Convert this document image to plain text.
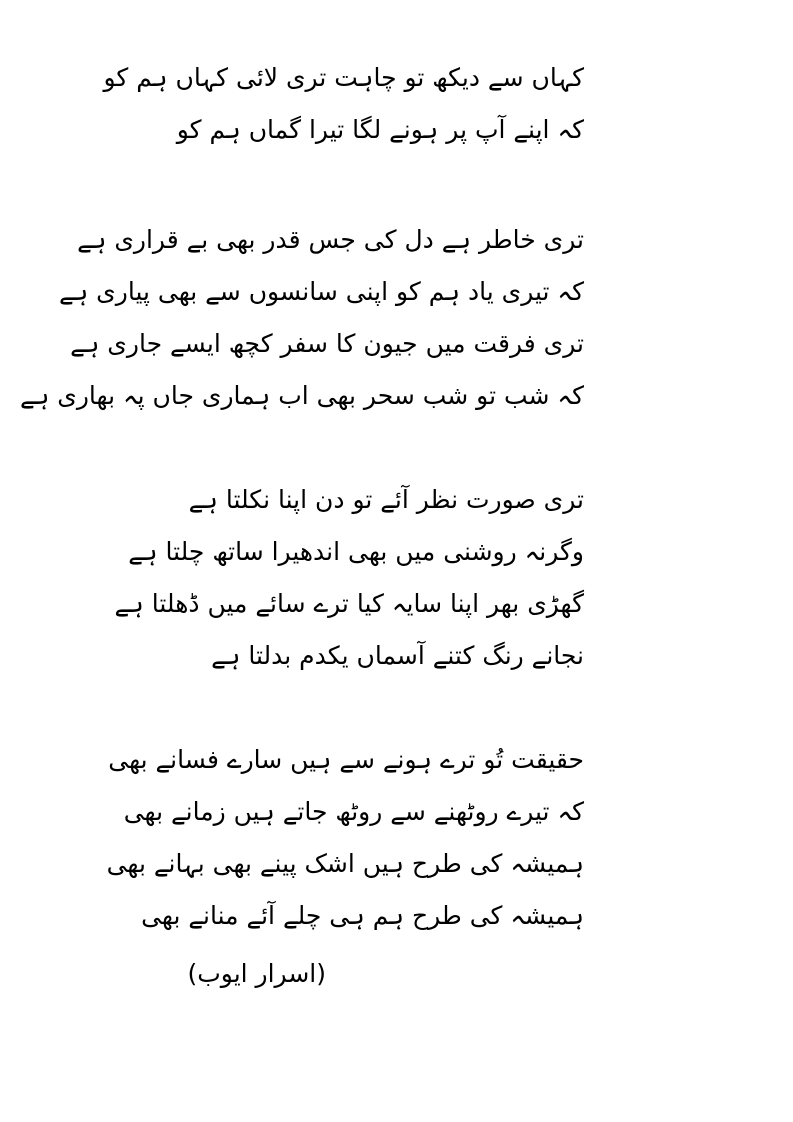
کہاں سے دیکھ تو چاہت تری لائی کہاں ہم کو
کہ اپنے آپ پر ہونے لگا تیرا گماں ہم کو
تری خاطر ہے دل کی جس قدر بھی بے قراری ہے
کہ تیری یاد ہم کو اپنی سانسوں سے بھی پیاری ہے
تری فرقت میں جیون کا سفر کچھ ایسے جاری ہے
کہ شب تو شب سحر بھی اب ہماری جاں پہ بھاری ہے
تری صورت نظر آئے تو دن اپنا نکلتا ہے
وگرنہ روشنی میں بھی اندھیرا ساتھ چلتا ہے
گھڑی بھر اپنا سایہ کیا ترے سائے میں ڈھلتا ہے
نجانے رنگ کتنے آسماں یکدم بدلتا ہے
حقیقت تُو ترے ہونے سے ہیں سارے فسانے بھی
کہ تیرے روٹھنے سے روٹھ جاتے ہیں زمانے بھی
ہمیشہ کی طرح ہیں اشک پینے بھی بہانے بھی
ہمیشہ کی طرح ہم ہی چلے آئے منانے بھی
(اسرار ایوب)
